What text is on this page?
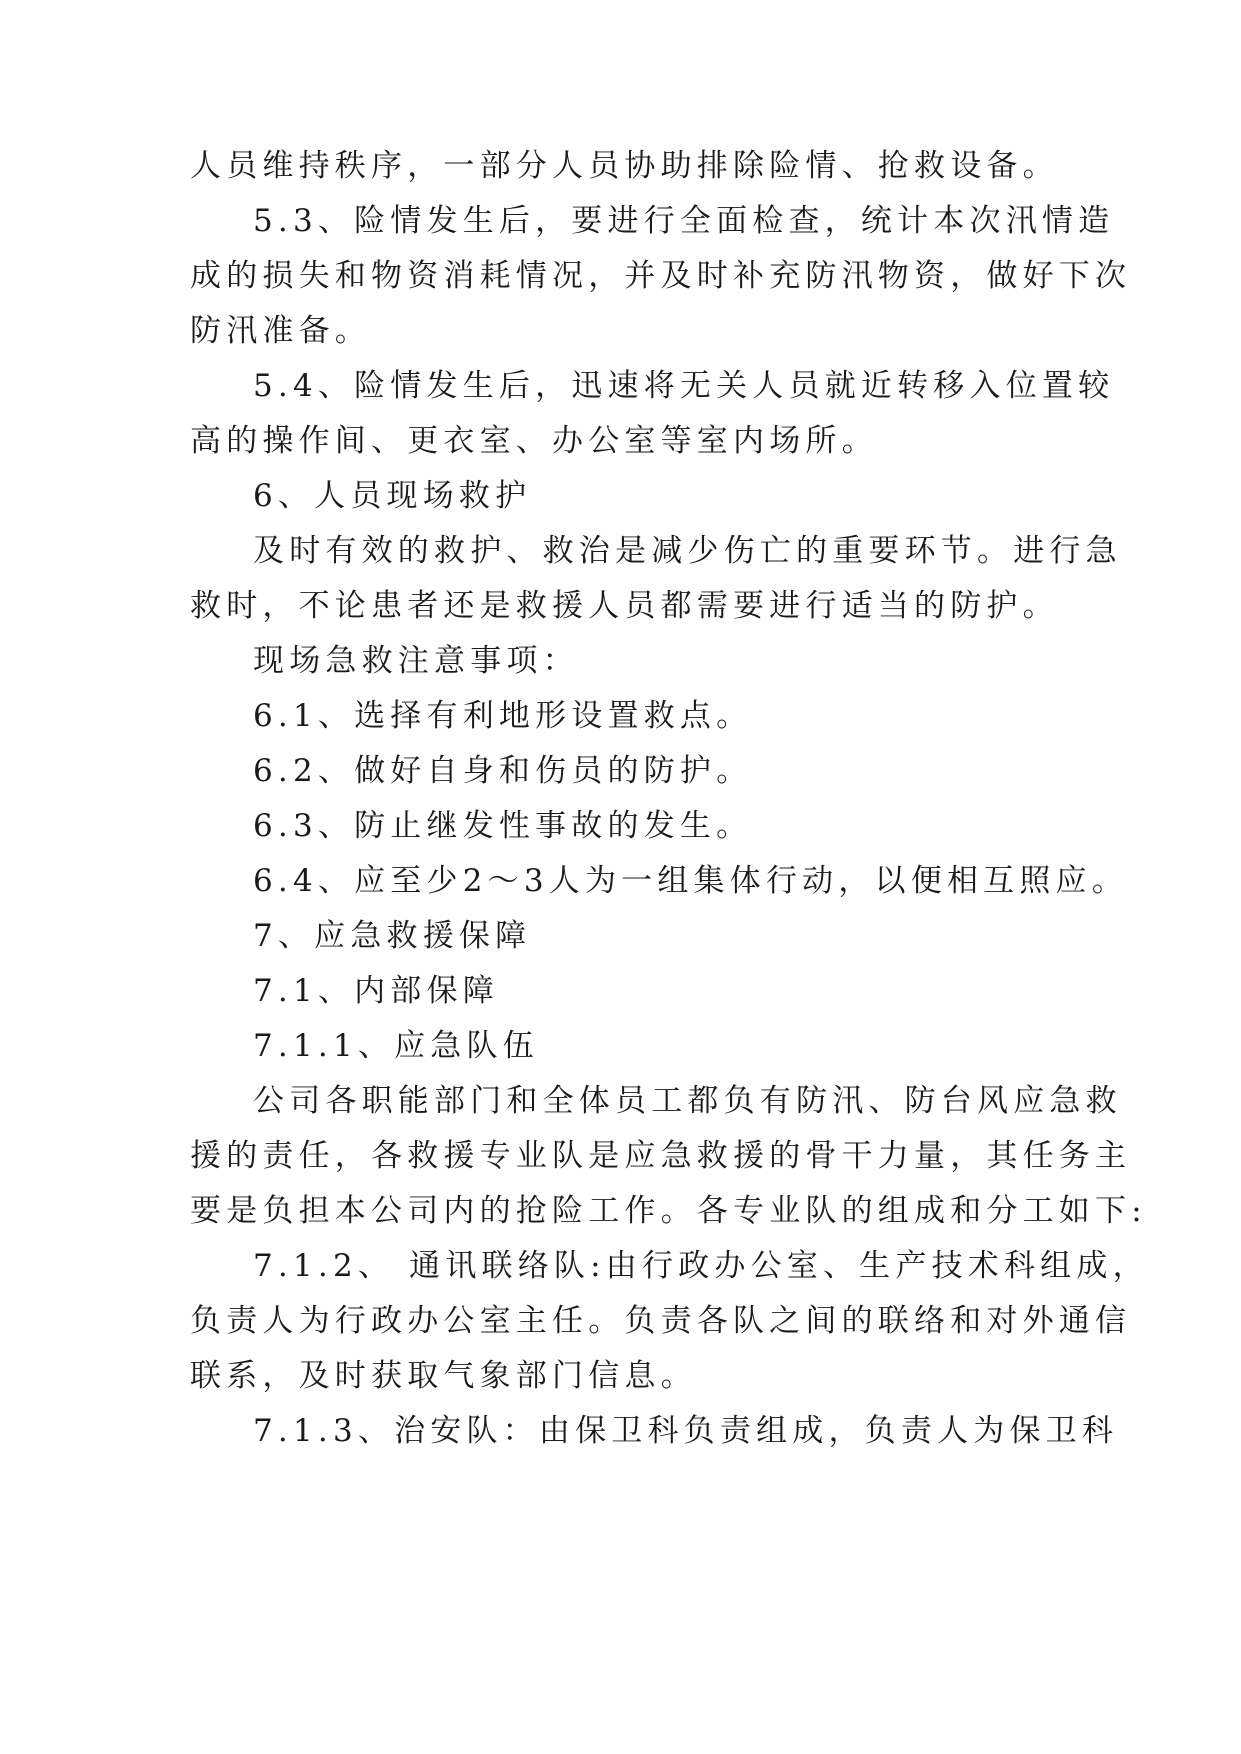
人员维持秩序，一部分人员协助排除险情、抢救设备。
5.3、险情发生后，要进行全面检查，统计本次汛情造
成的损失和物资消耗情况，并及时补充防汛物资，做好下次
防汛准备。
5.4、险情发生后，迅速将无关人员就近转移入位置较
高的操作间、更衣室、办公室等室内场所。
6、人员现场救护
及时有效的救护、救治是减少伤亡的重要环节。进行急
救时，不论患者还是救援人员都需要进行适当的防护。
现场急救注意事项：
6.1、选择有利地形设置救点。
6.2、做好自身和伤员的防护。
6.3、防止继发性事故的发生。
6.4、应至少2～3人为一组集体行动，以便相互照应。
7、应急救援保障
7.1、内部保障
7.1.1、应急队伍
公司各职能部门和全体员工都负有防汛、防台风应急救
援的责任，各救援专业队是应急救援的骨干力量，其任务主
要是负担本公司内的抢险工作。各专业队的组成和分工如下:
7.1.2、 通讯联络队:由行政办公室、生产技术科组成，
负责人为行政办公室主任。负责各队之间的联络和对外通信
联系，及时获取气象部门信息。
7.1.3、治安队：由保卫科负责组成，负责人为保卫科
